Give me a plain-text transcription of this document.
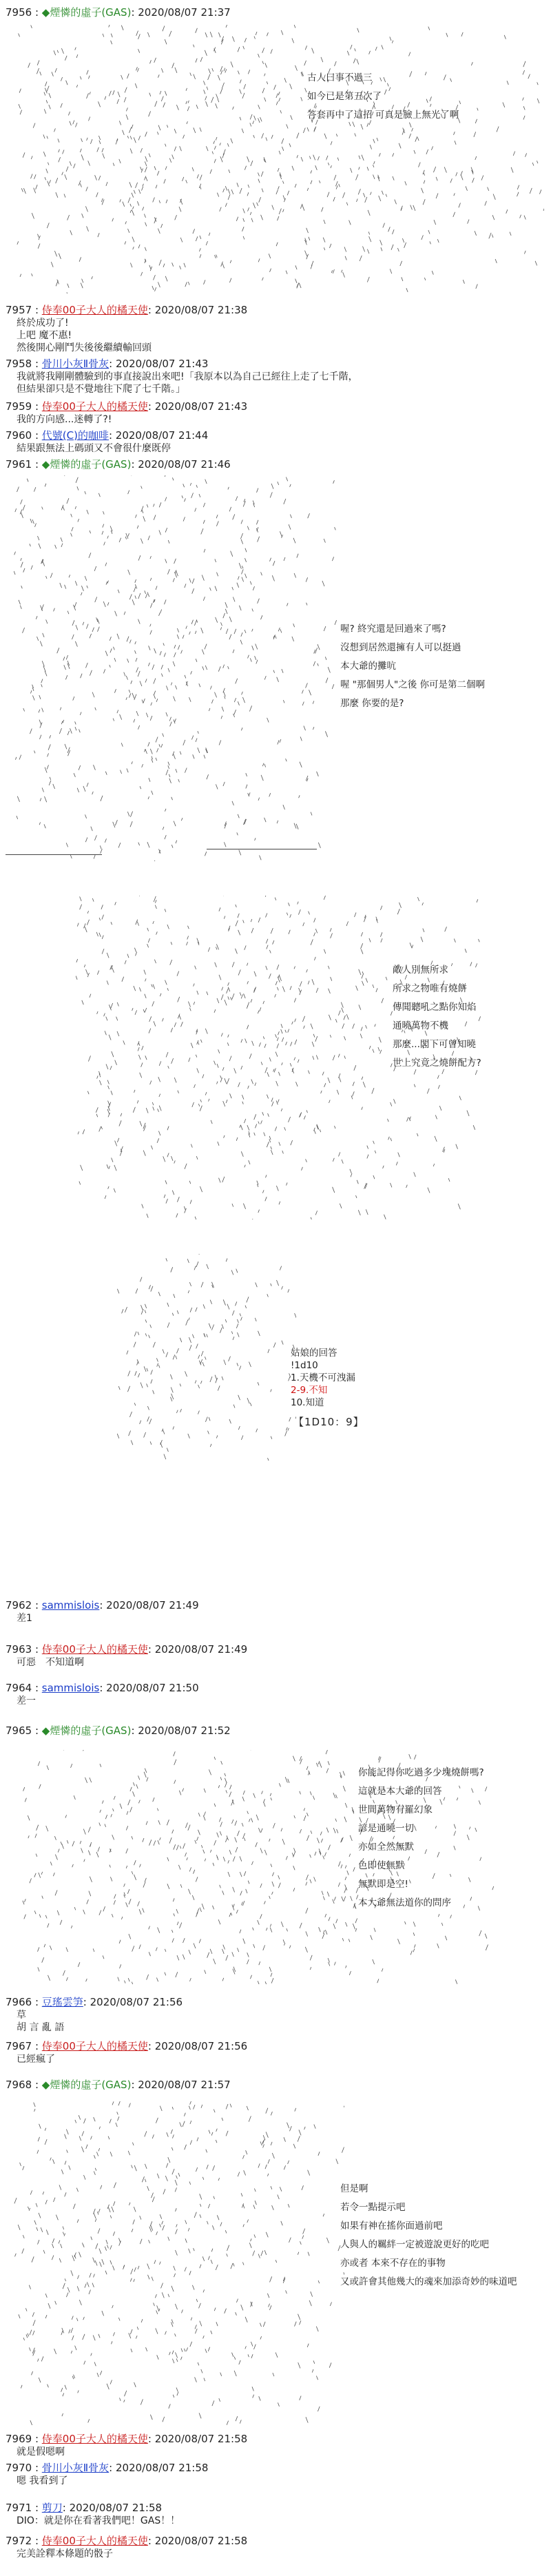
7956 : ◆煙憐的虛子(GAS): 2020/08/07 21:37
古人曰事不過三
如今已是第五次了
答套再中了這招 可真是臉上無光了啊
7957 : 侍奉00子大人的橘天使: 2020/08/07 21:38
終於成功了!
上吧 魔不惠!
然後開心剛鬥失後後繼續輸回頭
7958 : 骨川小灰Ⅱ骨灰: 2020/08/07 21:43
我就將我剛剛體驗到的事直接說出來吧!「我原本以為自己已經往上走了七千階，
但結果卻只是不覺地往下爬了七千階。」
7959 : 侍奉00子大人的橘天使: 2020/08/07 21:43
我的方向感...迷轉了?!
7960 : 代號(C)的咖啡: 2020/08/07 21:44
結果跟無法上碼頭又不會很什麼既停
7961 : ◆煙憐的虛子(GAS): 2020/08/07 21:46
喔? 終究還是回過來了嗎?
沒想到居然還擁有人可以挺過
本大爺的攤吭
喔 "那個男人"之後 你可是第二個啊
那麼 你要的是?
敵人別無所求
所求之物唯有燒餅
傳聞聽吼之點你知焰
通曉萬物不機
那麼...閣下可曾知曉
世上究竟之燒餅配方?
姑娘的回答
!1d10
1.天機不可洩漏
2-9.不知
10.知道
【1D10：9】
7962 : sammislois: 2020/08/07 21:49
差1
7963 : 侍奉00子大人的橘天使: 2020/08/07 21:49
可惡　不知道啊
7964 : sammislois: 2020/08/07 21:50
差一
7965 : ◆煙憐的虛子(GAS): 2020/08/07 21:52
你能記得你吃過多少塊燒餅嗎?
這就是本大爺的回答
世間萬物有羅幻象
諺是通曉一切
亦如全然無默
色即使無默
無默即是空!
本大爺無法道你的問序
7966 : 豆瑤雲笋: 2020/08/07 21:56
草
胡 言 亂 語
7967 : 侍奉00子大人的橘天使: 2020/08/07 21:56
已經瘋了
7968 : ◆煙憐的虛子(GAS): 2020/08/07 21:57
但是啊
若令一點提示吧
如果有神在搖你面過前吧
人與人的羈絆一定被遊說更好的吃吧
亦或者 本來不存在的事物
又或許會其他幾大的魂來加添奇妙的味道吧
7969 : 侍奉00子大人的橘天使: 2020/08/07 21:58
就是假嗯啊
7970 : 骨川小灰Ⅱ骨灰: 2020/08/07 21:58
嗯 我看到了
7971 : 剪刀: 2020/08/07 21:58
DIO：就是你在看著我們吧！GAS！！
7972 : 侍奉00子大人的橘天使: 2020/08/07 21:58
完美詮釋本條題的骰子
